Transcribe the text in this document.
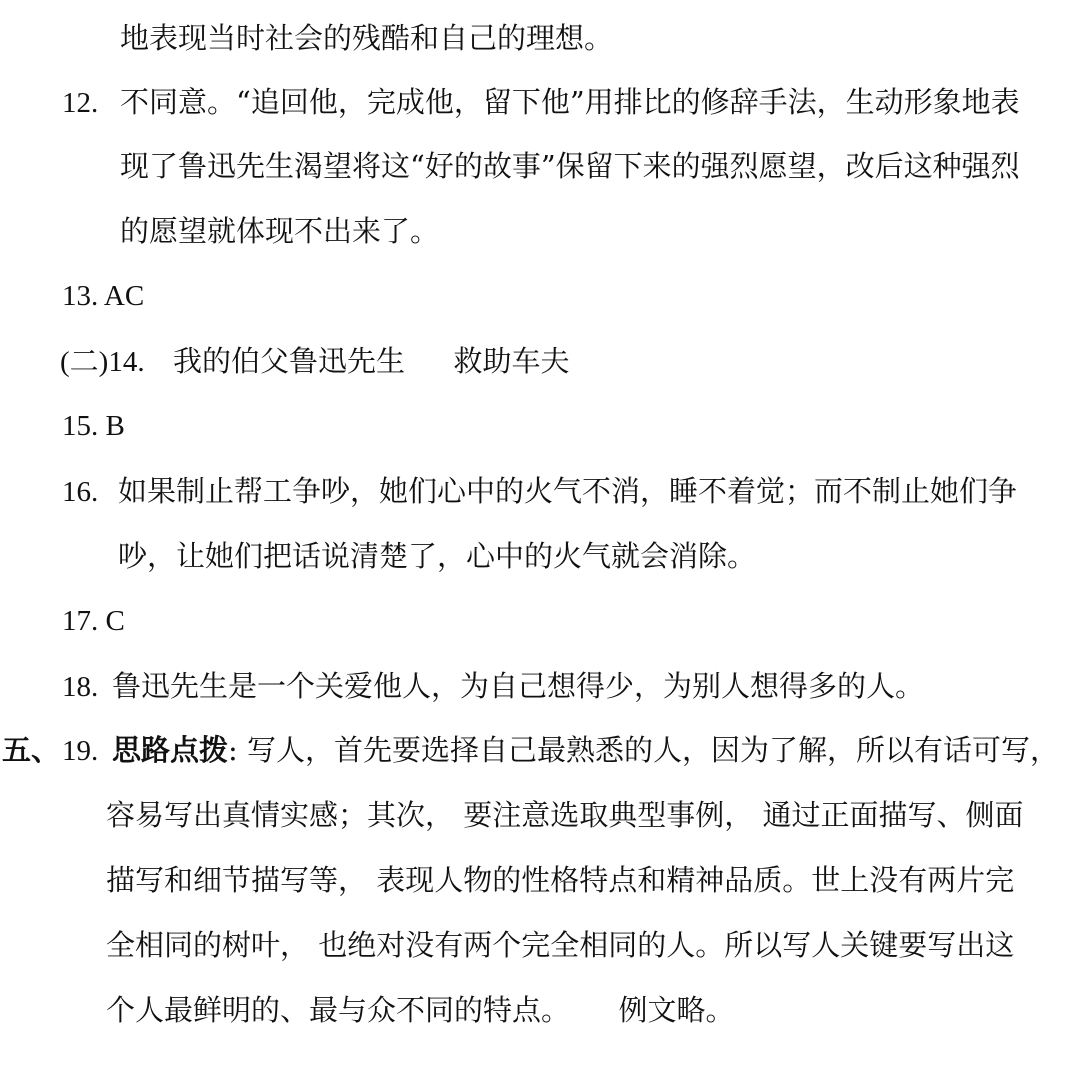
地表现当时社会的残酷和自己的理想。
12. 不同意。“追回他，完成他，留下他”用排比的修辞手法，生动形象地表
现了鲁迅先生渴望将这“好的故事”保留下来的强烈愿望，改后这种强烈
的愿望就体现不出来了。
13. AC
(二)14. 我的伯父鲁迅先生 救助车夫
15. B
16. 如果制止帮工争吵，她们心中的火气不消，睡不着觉；而不制止她们争
吵，让她们把话说清楚了，心中的火气就会消除。
17. C
18. 鲁迅先生是一个关爱他人，为自己想得少，为别人想得多的人。
五、 19. 思路点拨: 写人，首先要选择自己最熟悉的人，因为了解，所以有话可写，
容易写出真情实感；其次， 要注意选取典型事例， 通过正面描写、侧面
描写和细节描写等， 表现人物的性格特点和精神品质。世上没有两片完
全相同的树叶， 也绝对没有两个完全相同的人。所以写人关键要写出这
个人最鲜明的、最与众不同的特点。 例文略。
